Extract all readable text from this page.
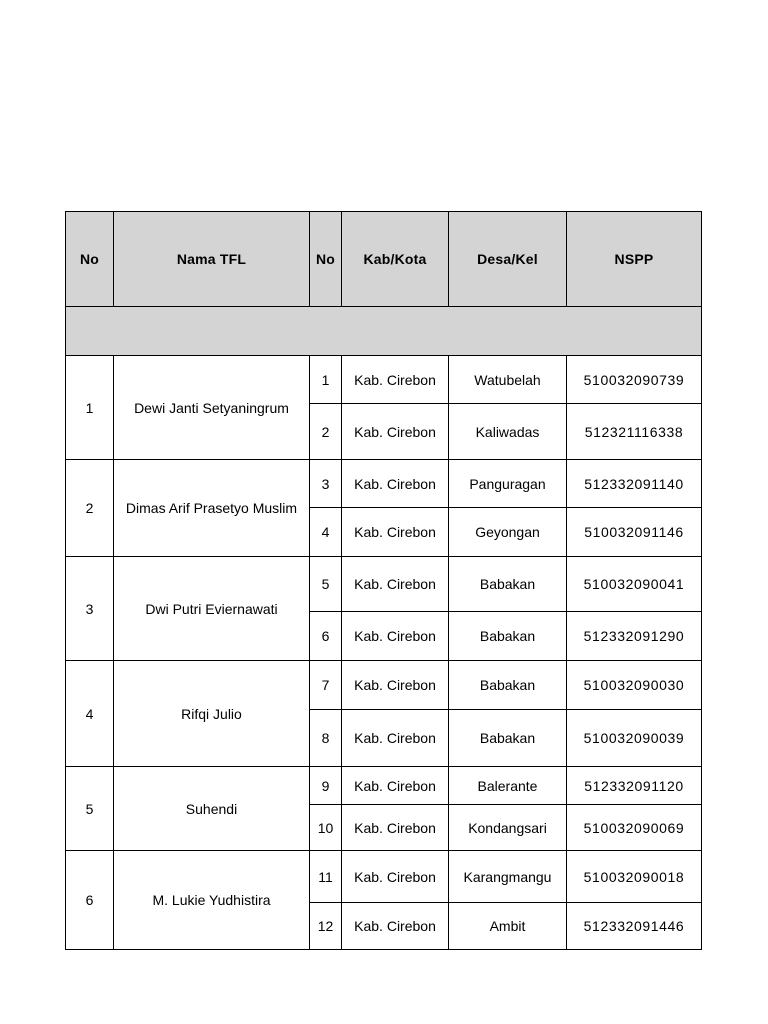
No	Nama TFL	No	Kab/Kota	Desa/Kel	NSPP

1	Dewi Janti Setyaningrum	1	Kab. Cirebon	Watubelah	510032090739
		2	Kab. Cirebon	Kaliwadas	512321116338
2	Dimas Arif Prasetyo Muslim	3	Kab. Cirebon	Panguragan	512332091140
		4	Kab. Cirebon	Geyongan	510032091146
3	Dwi Putri Eviernawati	5	Kab. Cirebon	Babakan	510032090041
		6	Kab. Cirebon	Babakan	512332091290
4	Rifqi Julio	7	Kab. Cirebon	Babakan	510032090030
		8	Kab. Cirebon	Babakan	510032090039
5	Suhendi	9	Kab. Cirebon	Balerante	512332091120
		10	Kab. Cirebon	Kondangsari	510032090069
6	M. Lukie Yudhistira	11	Kab. Cirebon	Karangmangu	510032090018
		12	Kab. Cirebon	Ambit	512332091446
